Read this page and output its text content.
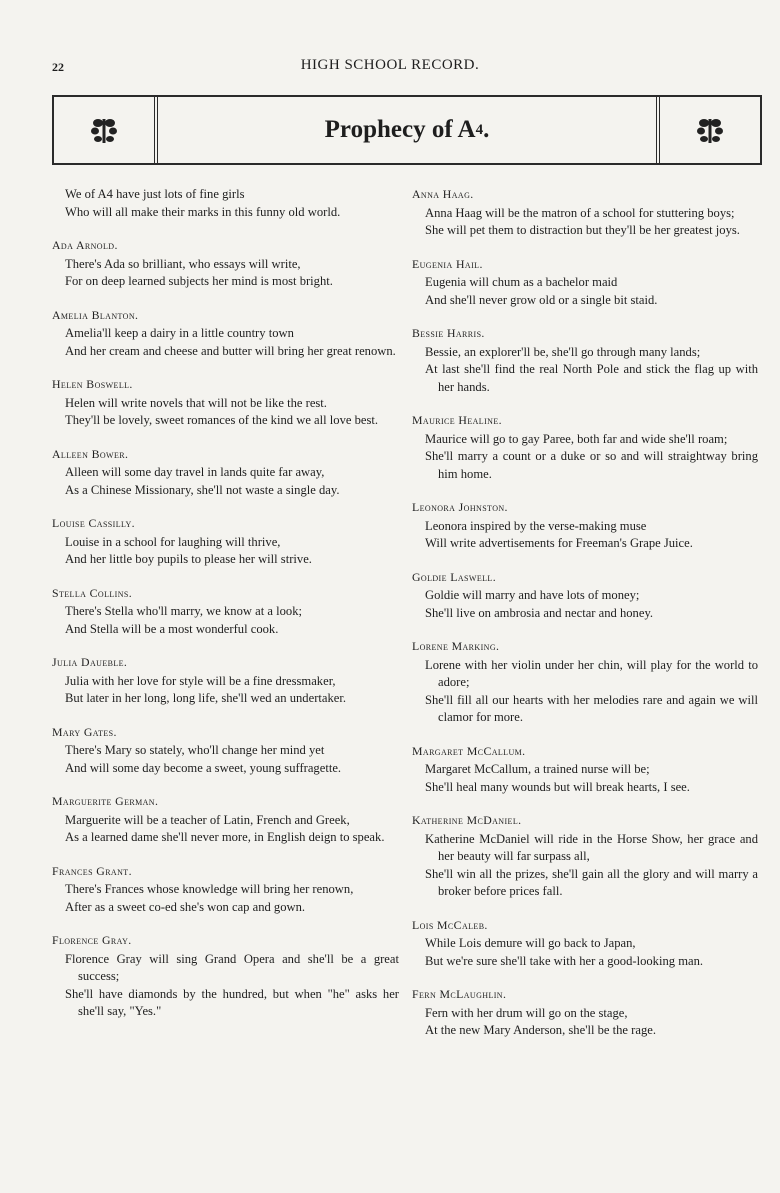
22	HIGH SCHOOL RECORD.
Prophecy of A 4 .
We of A4 have just lots of fine girls
Who will all make their marks in this funny old world.
Ada Arnold.
There's Ada so brilliant, who essays will write,
For on deep learned subjects her mind is most bright.
Amelia Blanton.
Amelia'll keep a dairy in a little country town
And her cream and cheese and butter will bring her great renown.
Helen Boswell.
Helen will write novels that will not be like the rest.
They'll be lovely, sweet romances of the kind we all love best.
Alleen Bower.
Alleen will some day travel in lands quite far away,
As a Chinese Missionary, she'll not waste a single day.
Louise Cassilly.
Louise in a school for laughing will thrive,
And her little boy pupils to please her will strive.
Stella Collins.
There's Stella who'll marry, we know at a look;
And Stella will be a most wonderful cook.
Julia Daueble.
Julia with her love for style will be a fine dressmaker,
But later in her long, long life, she'll wed an undertaker.
Mary Gates.
There's Mary so stately, who'll change her mind yet
And will some day become a sweet, young suffragette.
Marguerite German.
Marguerite will be a teacher of Latin, French and Greek,
As a learned dame she'll never more, in English deign to speak.
Frances Grant.
There's Frances whose knowledge will bring her renown,
After as a sweet co-ed she's won cap and gown.
Florence Gray.
Florence Gray will sing Grand Opera and she'll be a great success;
She'll have diamonds by the hundred, but when "he" asks her she'll say, "Yes."
Anna Haag.
Anna Haag will be the matron of a school for stuttering boys;
She will pet them to distraction but they'll be her greatest joys.
Eugenia Hail.
Eugenia will chum as a bachelor maid
And she'll never grow old or a single bit staid.
Bessie Harris.
Bessie, an explorer'll be, she'll go through many lands;
At last she'll find the real North Pole and stick the flag up with her hands.
Maurice Healine.
Maurice will go to gay Paree, both far and wide she'll roam;
She'll marry a count or a duke or so and will straightway bring him home.
Leonora Johnston.
Leonora inspired by the verse-making muse
Will write advertisements for Freeman's Grape Juice.
Goldie Laswell.
Goldie will marry and have lots of money;
She'll live on ambrosia and nectar and honey.
Lorene Marking.
Lorene with her violin under her chin, will play for the world to adore;
She'll fill all our hearts with her melodies rare and again we will clamor for more.
Margaret McCallum.
Margaret McCallum, a trained nurse will be;
She'll heal many wounds but will break hearts, I see.
Katherine McDaniel.
Katherine McDaniel will ride in the Horse Show, her grace and her beauty will far surpass all,
She'll win all the prizes, she'll gain all the glory and will marry a broker before prices fall.
Lois McCaleb.
While Lois demure will go back to Japan,
But we're sure she'll take with her a good-looking man.
Fern McLaughlin.
Fern with her drum will go on the stage,
At the new Mary Anderson, she'll be the rage.
